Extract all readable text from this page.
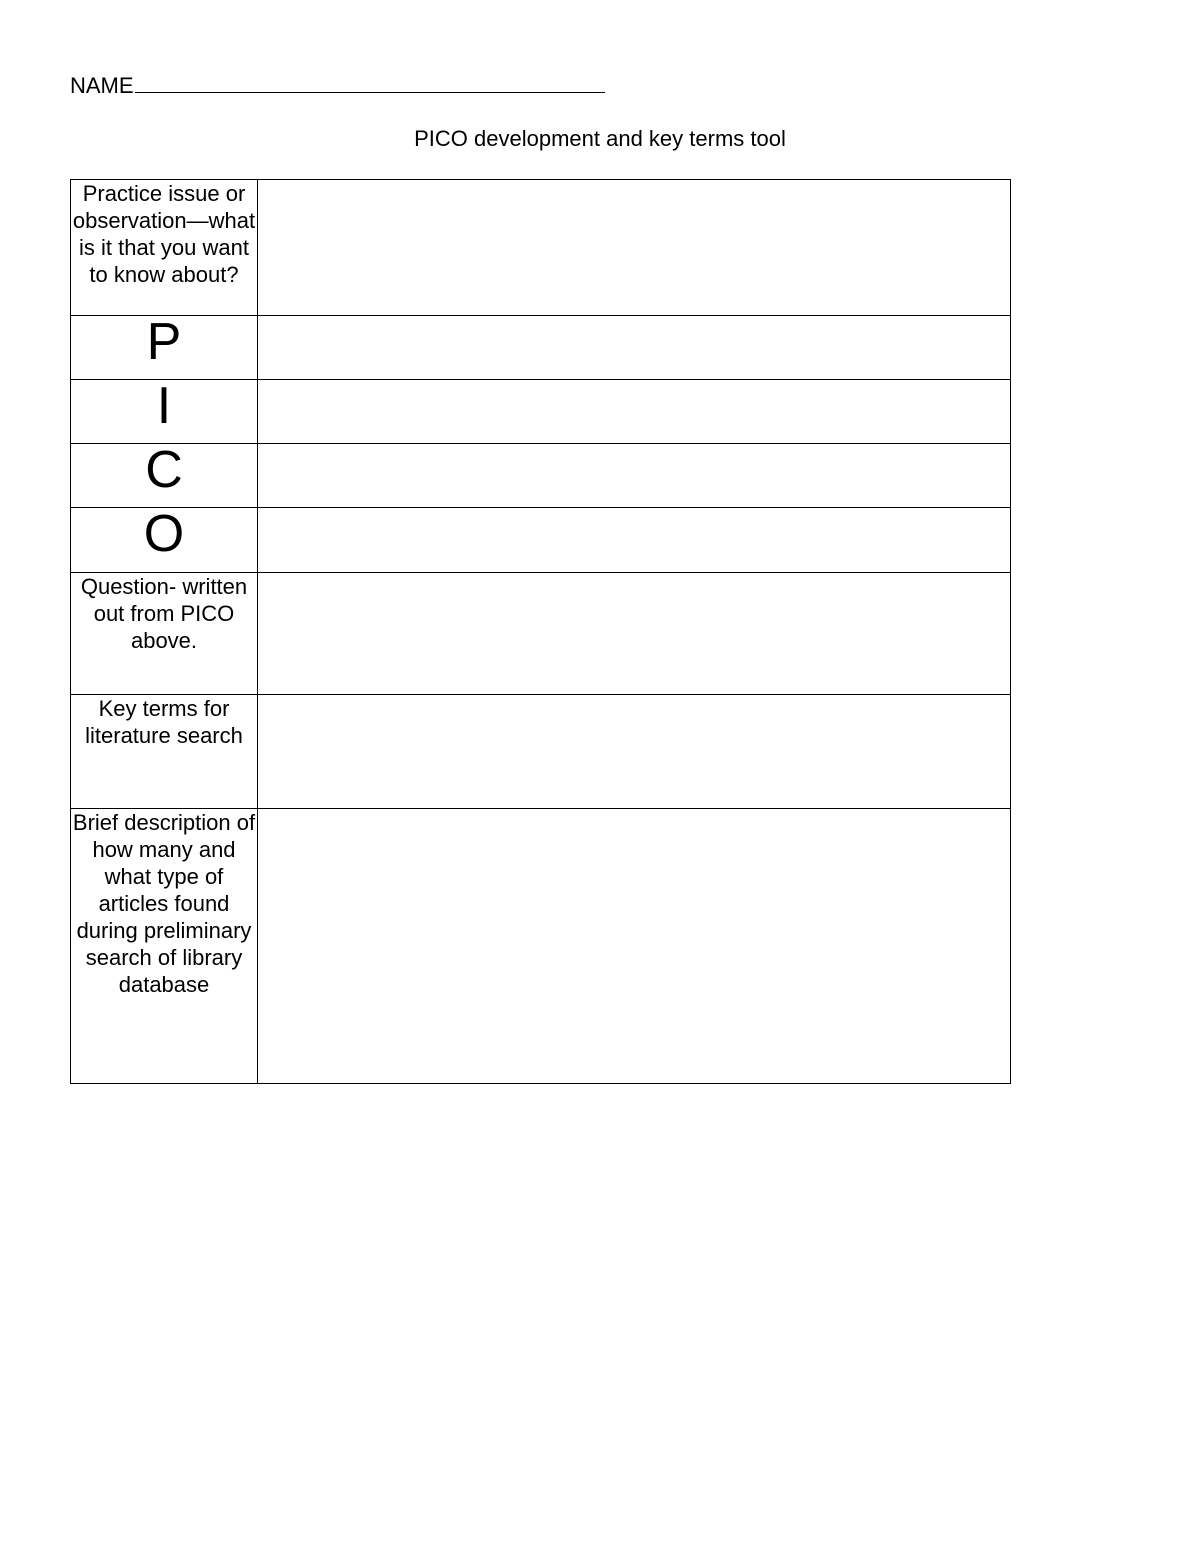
NAME
PICO development and key terms tool
Practice issue or observation—what is it that you want to know about?	
P	
I	
C	
O	
Question- written out from PICO above.	
Key terms for literature search	
Brief description of how many and what type of articles found during preliminary search of library database	
